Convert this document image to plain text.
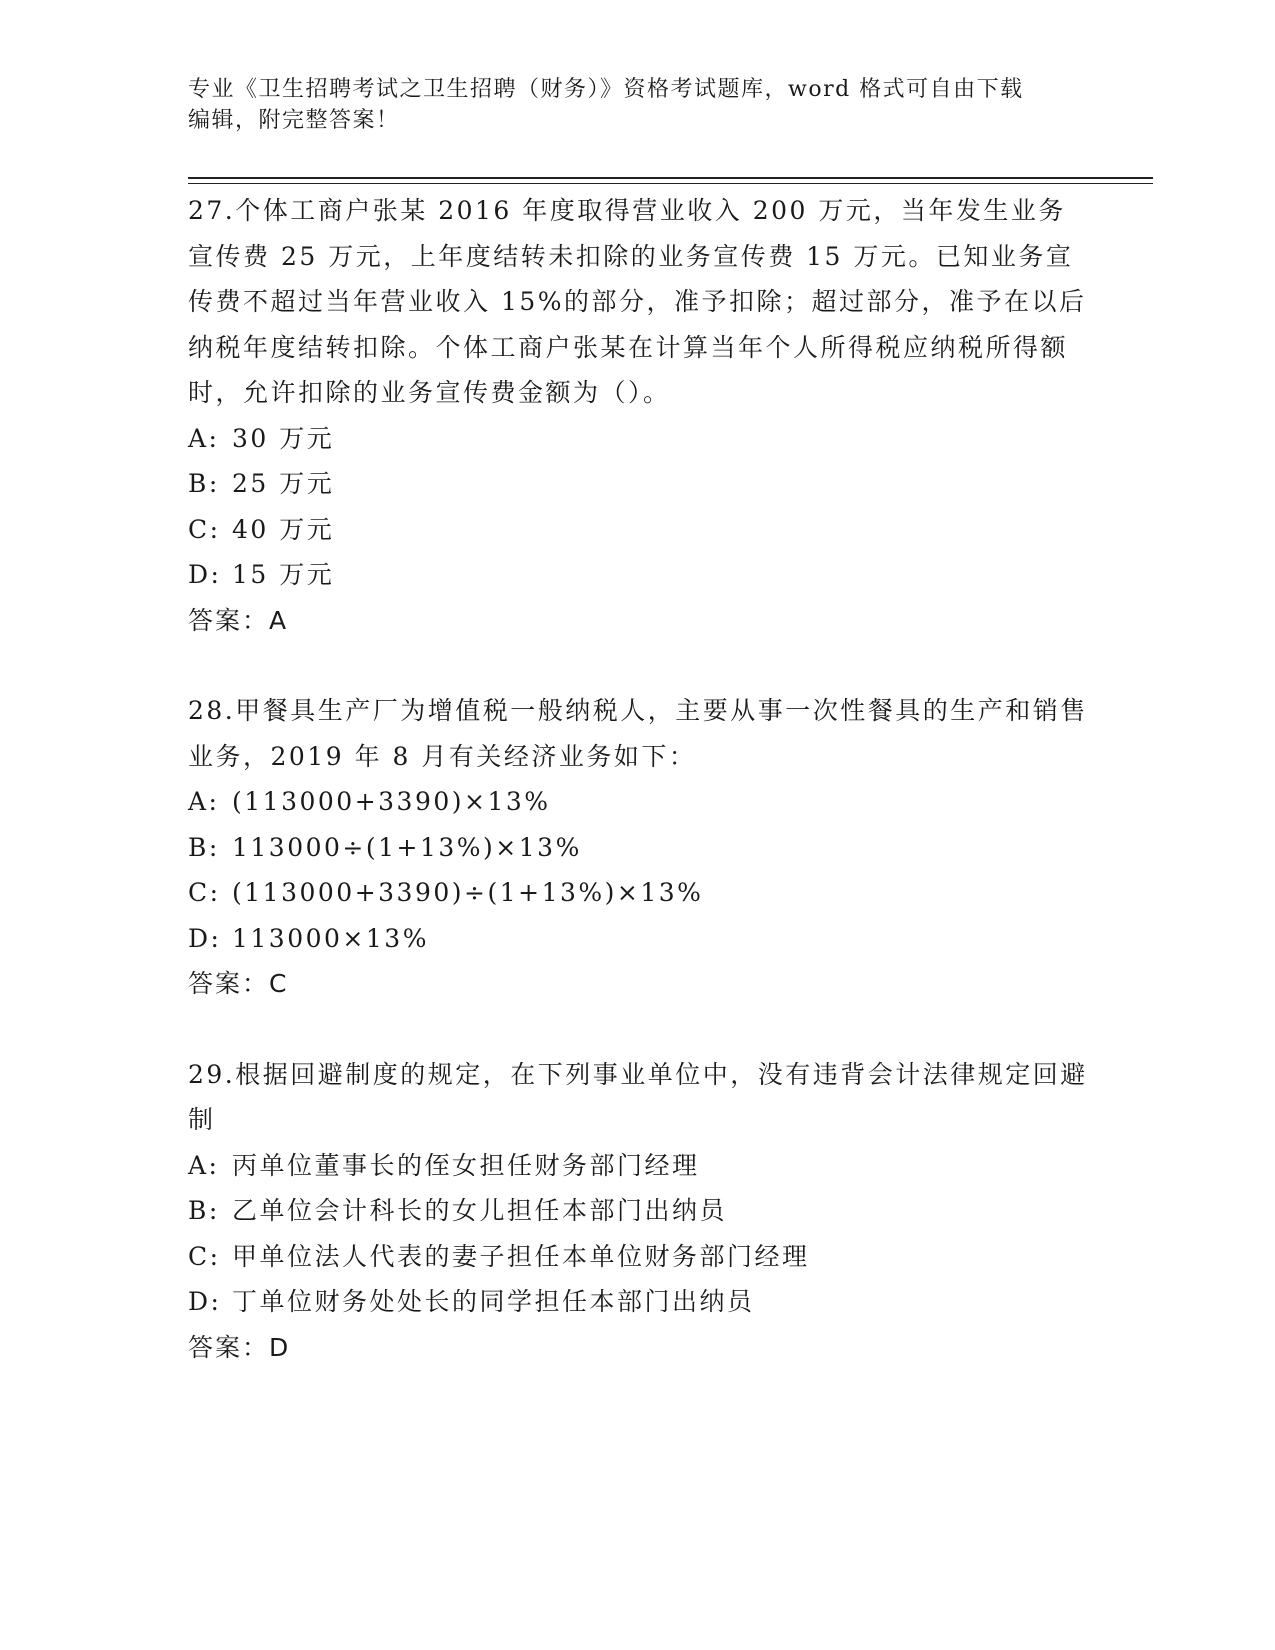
专业《卫生招聘考试之卫生招聘（财务）》资格考试题库，word 格式可自由下载
编辑，附完整答案！

27.个体工商户张某 2016 年度取得营业收入 200 万元，当年发生业务宣传费 25 万元，上年度结转未扣除的业务宣传费 15 万元。已知业务宣传费不超过当年营业收入 15%的部分，准予扣除；超过部分，准予在以后纳税年度结转扣除。个体工商户张某在计算当年个人所得税应纳税所得额时，允许扣除的业务宣传费金额为（）。

A: 30 万元

B: 25 万元

C: 40 万元

D: 15 万元

答案：A

28.甲餐具生产厂为增值税一般纳税人，主要从事一次性餐具的生产和销售业务，2019 年 8 月有关经济业务如下：

A: (113000+3390)×13%

B: 113000÷(1+13%)×13%

C: (113000+3390)÷(1+13%)×13%

D: 113000×13%

答案：C

29.根据回避制度的规定，在下列事业单位中，没有违背会计法律规定回避制

A: 丙单位董事长的侄女担任财务部门经理

B: 乙单位会计科长的女儿担任本部门出纳员

C: 甲单位法人代表的妻子担任本单位财务部门经理

D: 丁单位财务处处长的同学担任本部门出纳员

答案：D
